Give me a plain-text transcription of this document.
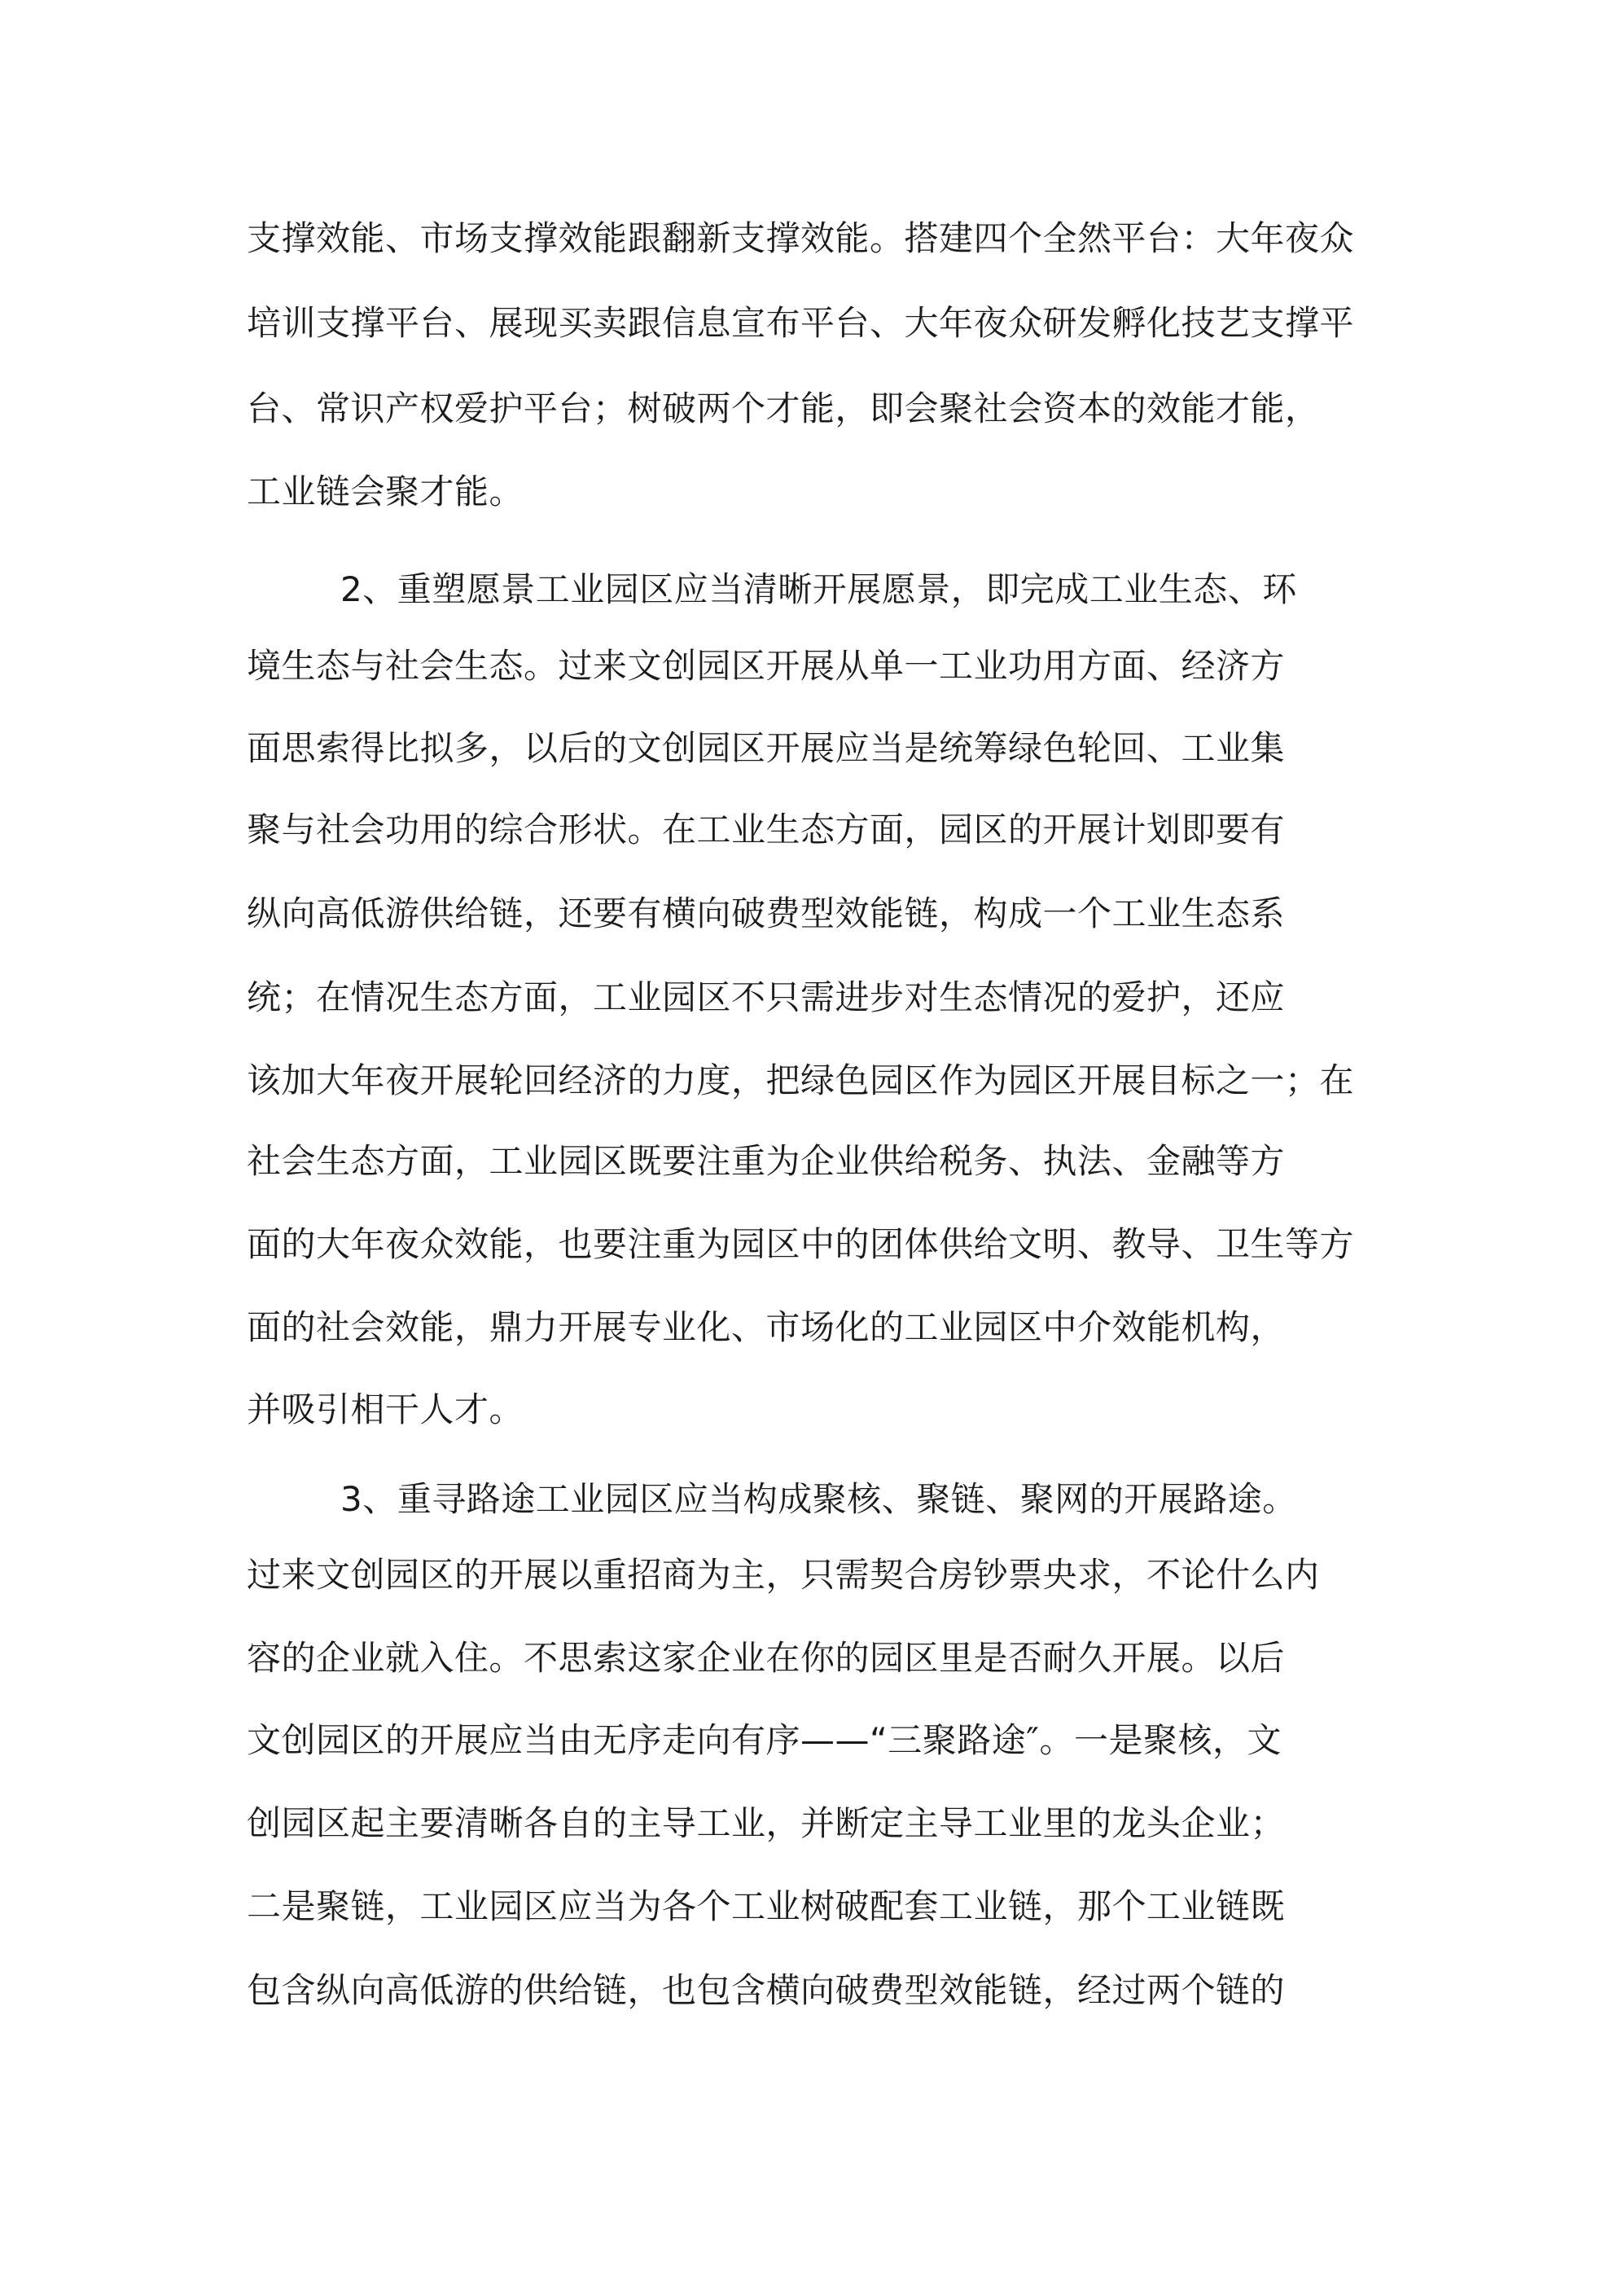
支撑效能、市场支撑效能跟翻新支撑效能。搭建四个全然平台：大年夜众
培训支撑平台、展现买卖跟信息宣布平台、大年夜众研发孵化技艺支撑平
台、常识产权爱护平台；树破两个才能，即会聚社会资本的效能才能，
工业链会聚才能。
2、重塑愿景工业园区应当清晰开展愿景，即完成工业生态、环
境生态与社会生态。过来文创园区开展从单一工业功用方面、经济方
面思索得比拟多，以后的文创园区开展应当是统筹绿色轮回、工业集
聚与社会功用的综合形状。在工业生态方面，园区的开展计划即要有
纵向高低游供给链，还要有横向破费型效能链，构成一个工业生态系
统；在情况生态方面，工业园区不只需进步对生态情况的爱护，还应
该加大年夜开展轮回经济的力度，把绿色园区作为园区开展目标之一；在
社会生态方面，工业园区既要注重为企业供给税务、执法、金融等方
面的大年夜众效能，也要注重为园区中的团体供给文明、教导、卫生等方
面的社会效能，鼎力开展专业化、市场化的工业园区中介效能机构，
并吸引相干人才。
3、重寻路途工业园区应当构成聚核、聚链、聚网的开展路途。
过来文创园区的开展以重招商为主，只需契合房钞票央求，不论什么内
容的企业就入住。不思索这家企业在你的园区里是否耐久开展。以后
文创园区的开展应当由无序走向有序——“三聚路途″。一是聚核，文
创园区起主要清晰各自的主导工业，并断定主导工业里的龙头企业；
二是聚链，工业园区应当为各个工业树破配套工业链，那个工业链既
包含纵向高低游的供给链，也包含横向破费型效能链，经过两个链的
